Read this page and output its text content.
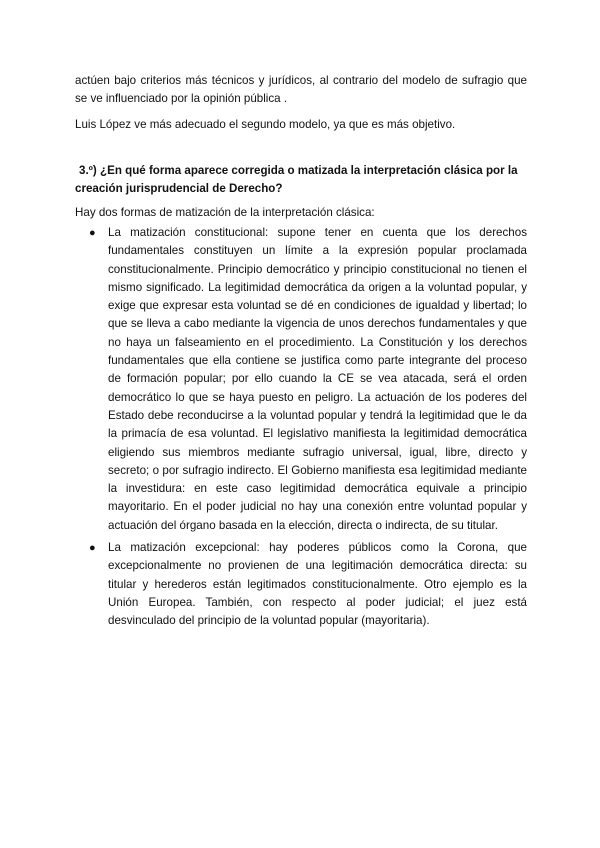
actúen bajo criterios más técnicos y jurídicos, al contrario del modelo de sufragio que se ve influenciado por la opinión pública .

Luis López ve más adecuado el segundo modelo, ya que es más objetivo.

3.º) ¿En qué forma aparece corregida o matizada la interpretación clásica por la creación jurisprudencial de Derecho?

Hay dos formas de matización de la interpretación clásica:

● La matización constitucional: supone tener en cuenta que los derechos fundamentales constituyen un límite a la expresión popular proclamada constitucionalmente. Principio democrático y principio constitucional no tienen el mismo significado. La legitimidad democrática da origen a la voluntad popular, y exige que expresar esta voluntad se dé en condiciones de igualdad y libertad; lo que se lleva a cabo mediante la vigencia de unos derechos fundamentales y que no haya un falseamiento en el procedimiento. La Constitución y los derechos fundamentales que ella contiene se justifica como parte integrante del proceso de formación popular; por ello cuando la CE se vea atacada, será el orden democrático lo que se haya puesto en peligro. La actuación de los poderes del Estado debe reconducirse a la voluntad popular y tendrá la legitimidad que le da la primacía de esa voluntad. El legislativo manifiesta la legitimidad democrática eligiendo sus miembros mediante sufragio universal, igual, libre, directo y secreto; o por sufragio indirecto. El Gobierno manifiesta esa legitimidad mediante la investidura: en este caso legitimidad democrática equivale a principio mayoritario. En el poder judicial no hay una conexión entre voluntad popular y actuación del órgano basada en la elección, directa o indirecta, de su titular.
● La matización excepcional: hay poderes públicos como la Corona, que excepcionalmente no provienen de una legitimación democrática directa: su titular y herederos están legitimados constitucionalmente. Otro ejemplo es la Unión Europea. También, con respecto al poder judicial; el juez está desvinculado del principio de la voluntad popular (mayoritaria).
